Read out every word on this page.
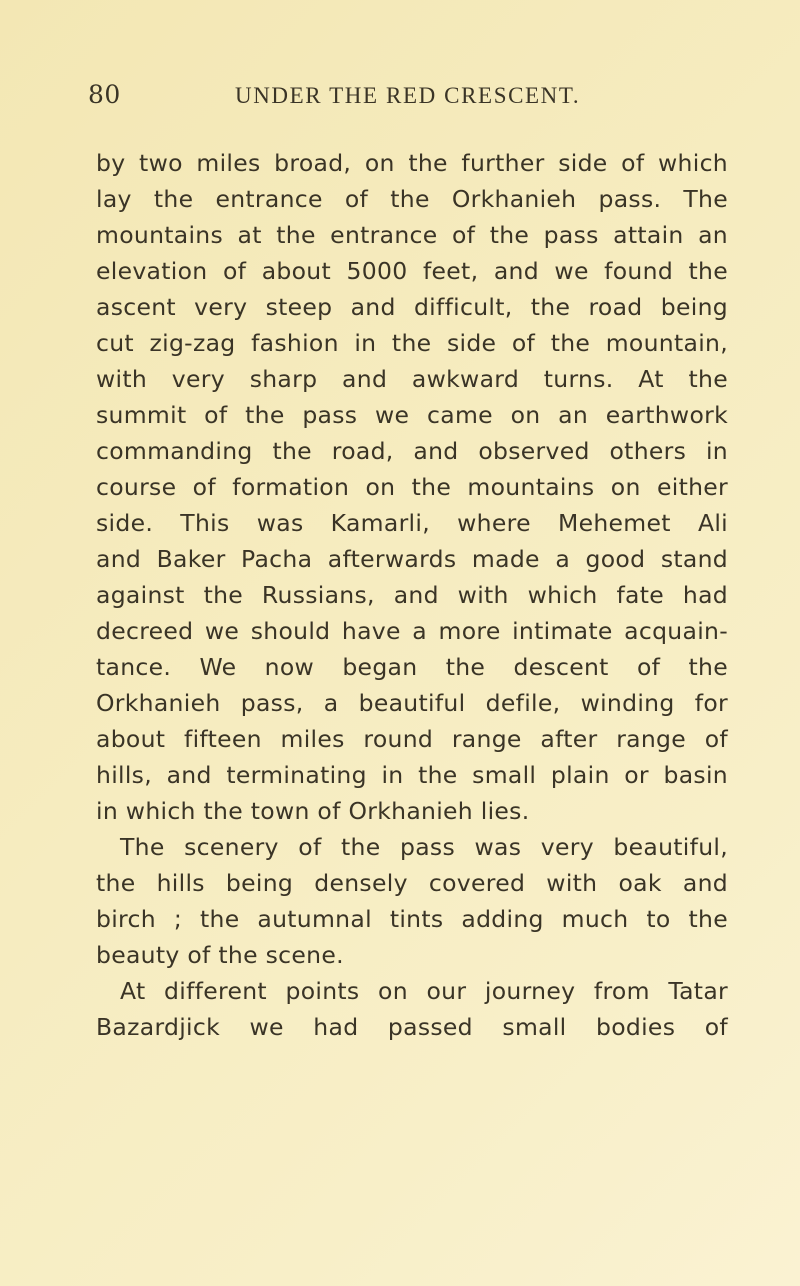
80	UNDER THE RED CRESCENT.
by two miles broad, on the further side of which
lay the entrance of the Orkhanieh pass. The
mountains at the entrance of the pass attain an
elevation of about 5000 feet, and we found the
ascent very steep and difficult, the road being
cut zig-zag fashion in the side of the mountain,
with very sharp and awkward turns. At the
summit of the pass we came on an earthwork
commanding the road, and observed others in
course of formation on the mountains on either
side. This was Kamarli, where Mehemet Ali
and Baker Pacha afterwards made a good stand
against the Russians, and with which fate had
decreed we should have a more intimate acquain-
tance. We now began the descent of the
Orkhanieh pass, a beautiful defile, winding for
about fifteen miles round range after range of
hills, and terminating in the small plain or basin
in which the town of Orkhanieh lies.
The scenery of the pass was very beautiful,
the hills being densely covered with oak and
birch ; the autumnal tints adding much to the
beauty of the scene.
At different points on our journey from Tatar
Bazardjick we had passed small bodies of
